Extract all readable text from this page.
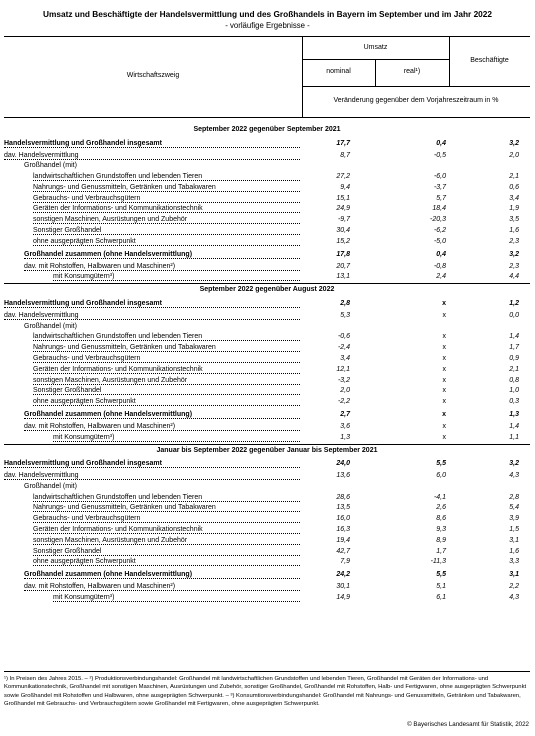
Umsatz und Beschäftigte der Handelsvermittlung und des Großhandels in Bayern im September und im Jahr 2022
- vorläufige Ergebnisse -
Wirtschaftszweig
Umsatz
nominal	real¹)
Beschäftigte
Veränderung gegenüber dem Vorjahreszeitraum in %
September 2022 gegenüber September 2021
Handelsvermittlung und Großhandel insgesamt	17,7	0,4	3,2
dav. Handelsvermittlung	8,7	-0,5	2,0
Großhandel (mit)
landwirtschaftlichen Grundstoffen und lebenden Tieren	27,2	-6,0	2,1
Nahrungs- und Genussmitteln, Getränken und Tabakwaren	9,4	-3,7	0,6
Gebrauchs- und Verbrauchsgütern	15,1	5,7	3,4
Geräten der Informations- und Kommunikationstechnik	24,9	18,4	1,9
sonstigen Maschinen, Ausrüstungen und Zubehör	-9,7	-20,3	3,5
Sonstiger Großhandel	30,4	-6,2	1,6
ohne ausgeprägten Schwerpunkt	15,2	-5,0	2,3
Großhandel zusammen (ohne Handelsvermittlung)	17,8	0,4	3,2
dav. mit Rohstoffen, Halbwaren und Maschinen²)	20,7	-0,8	2,3
mit Konsumgütern³)	13,1	2,4	4,4
September 2022 gegenüber August 2022
Handelsvermittlung und Großhandel insgesamt	2,8	x	1,2
dav. Handelsvermittlung	5,3	x	0,0
Großhandel (mit)
landwirtschaftlichen Grundstoffen und lebenden Tieren	-0,6	x	1,4
Nahrungs- und Genussmitteln, Getränken und Tabakwaren	-2,4	x	1,7
Gebrauchs- und Verbrauchsgütern	3,4	x	0,9
Geräten der Informations- und Kommunikationstechnik	12,1	x	2,1
sonstigen Maschinen, Ausrüstungen und Zubehör	-3,2	x	0,8
Sonstiger Großhandel	2,0	x	1,0
ohne ausgeprägten Schwerpunkt	-2,2	x	0,3
Großhandel zusammen (ohne Handelsvermittlung)	2,7	x	1,3
dav. mit Rohstoffen, Halbwaren und Maschinen²)	3,6	x	1,4
mit Konsumgütern³)	1,3	x	1,1
Januar bis September 2022 gegenüber Januar bis September 2021
Handelsvermittlung und Großhandel insgesamt	24,0	5,5	3,2
dav. Handelsvermittlung	13,6	6,0	4,3
Großhandel (mit)
landwirtschaftlichen Grundstoffen und lebenden Tieren	28,6	-4,1	2,8
Nahrungs- und Genussmitteln, Getränken und Tabakwaren	13,5	2,6	5,4
Gebrauchs- und Verbrauchsgütern	16,0	8,6	3,9
Geräten der Informations- und Kommunikationstechnik	16,3	9,3	1,5
sonstigen Maschinen, Ausrüstungen und Zubehör	19,4	8,9	3,1
Sonstiger Großhandel	42,7	1,7	1,6
ohne ausgeprägten Schwerpunkt	7,9	-11,3	3,3
Großhandel zusammen (ohne Handelsvermittlung)	24,2	5,5	3,1
dav. mit Rohstoffen, Halbwaren und Maschinen²)	30,1	5,1	2,2
mit Konsumgütern³)	14,9	6,1	4,3
¹) In Preisen des Jahres 2015. – ²) Produktionsverbindungshandel: Großhandel mit landwirtschaftlichen Grundstoffen und lebenden Tieren, Großhandel mit Geräten der Informations- und Kommunikationstechnik, Großhandel mit sonstigen Maschinen, Ausrüstungen und Zubehör, sonstiger Großhandel, Großhandel mit Rohstoffen, Halb- und Fertigwaren, ohne ausgeprägten Schwerpunkt sowie Großhandel mit Rohstoffen und Halbwaren, ohne ausgeprägten Schwerpunkt. – ³) Konsumtionsverbindungshandel: Großhandel mit Nahrungs- und Genussmitteln, Getränken und Tabakwaren, Großhandel mit Gebrauchs- und Verbrauchsgütern sowie Großhandel mit Fertigwaren, ohne ausgeprägten Schwerpunkt.
© Bayerisches Landesamt für Statistik, 2022
